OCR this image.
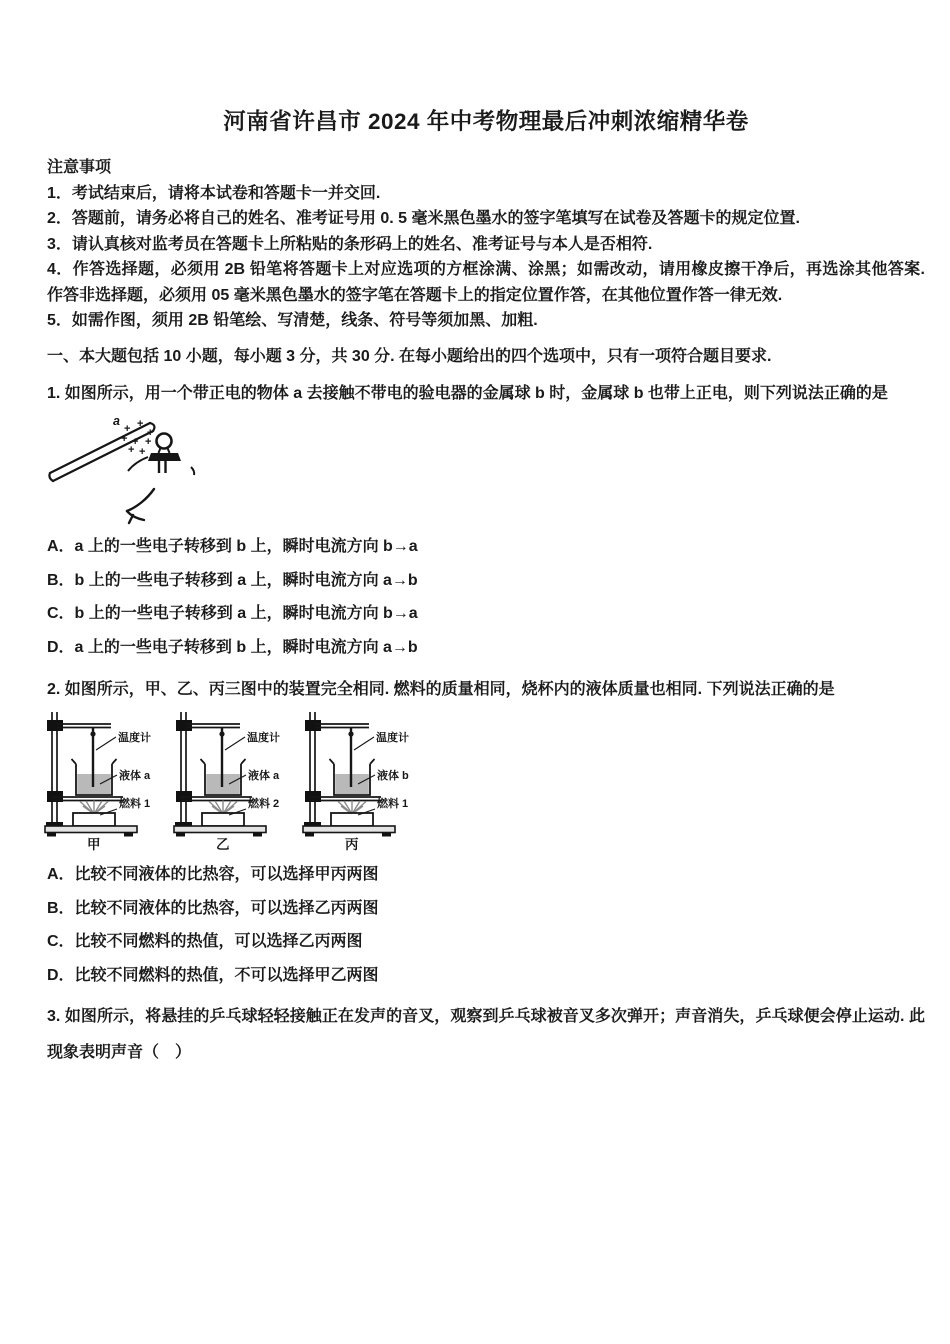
河南省许昌市 2024 年中考物理最后冲刺浓缩精华卷

注意事项

1．考试结束后，请将本试卷和答题卡一并交回.

2．答题前，请务必将自己的姓名、准考证号用 0. 5 毫米黑色墨水的签字笔填写在试卷及答题卡的规定位置.

3．请认真核对监考员在答题卡上所粘贴的条形码上的姓名、准考证号与本人是否相符.

4．作答选择题，必须用 2B 铅笔将答题卡上对应选项的方框涂满、涂黑；如需改动，请用橡皮擦干净后，再选涂其他答案. 作答非选择题，必须用 05 毫米黑色墨水的签字笔在答题卡上的指定位置作答，在其他位置作答一律无效.

5．如需作图，须用 2B 铅笔绘、写清楚，线条、符号等须加黑、加粗.

一、本大题包括 10 小题，每小题 3 分，共 30 分. 在每小题给出的四个选项中，只有一项符合题目要求.

1. 如图所示，用一个带正电的物体 a 去接触不带电的验电器的金属球 b 时，金属球 b 也带上正电，则下列说法正确的是

a
+ +
+
+ + +
+ +

A．a 上的一些电子转移到 b 上，瞬时电流方向 b→a

B．b 上的一些电子转移到 a 上，瞬时电流方向 a→b

C．b 上的一些电子转移到 a 上，瞬时电流方向 b→a

D．a 上的一些电子转移到 b 上，瞬时电流方向 a→b

2. 如图所示，甲、乙、丙三图中的装置完全相同. 燃料的质量相同，烧杯内的液体质量也相同. 下列说法正确的是

温度计
液体 a
燃料 1
甲
温度计
液体 a
燃料 2
乙
温度计
液体 b
燃料 1
丙

A．比较不同液体的比热容，可以选择甲丙两图

B．比较不同液体的比热容，可以选择乙丙两图

C．比较不同燃料的热值，可以选择乙丙两图

D．比较不同燃料的热值，不可以选择甲乙两图

3. 如图所示，将悬挂的乒乓球轻轻接触正在发声的音叉，观察到乒乓球被音叉多次弹开；声音消失，乒乓球便会停止运动. 此现象表明声音（　）
